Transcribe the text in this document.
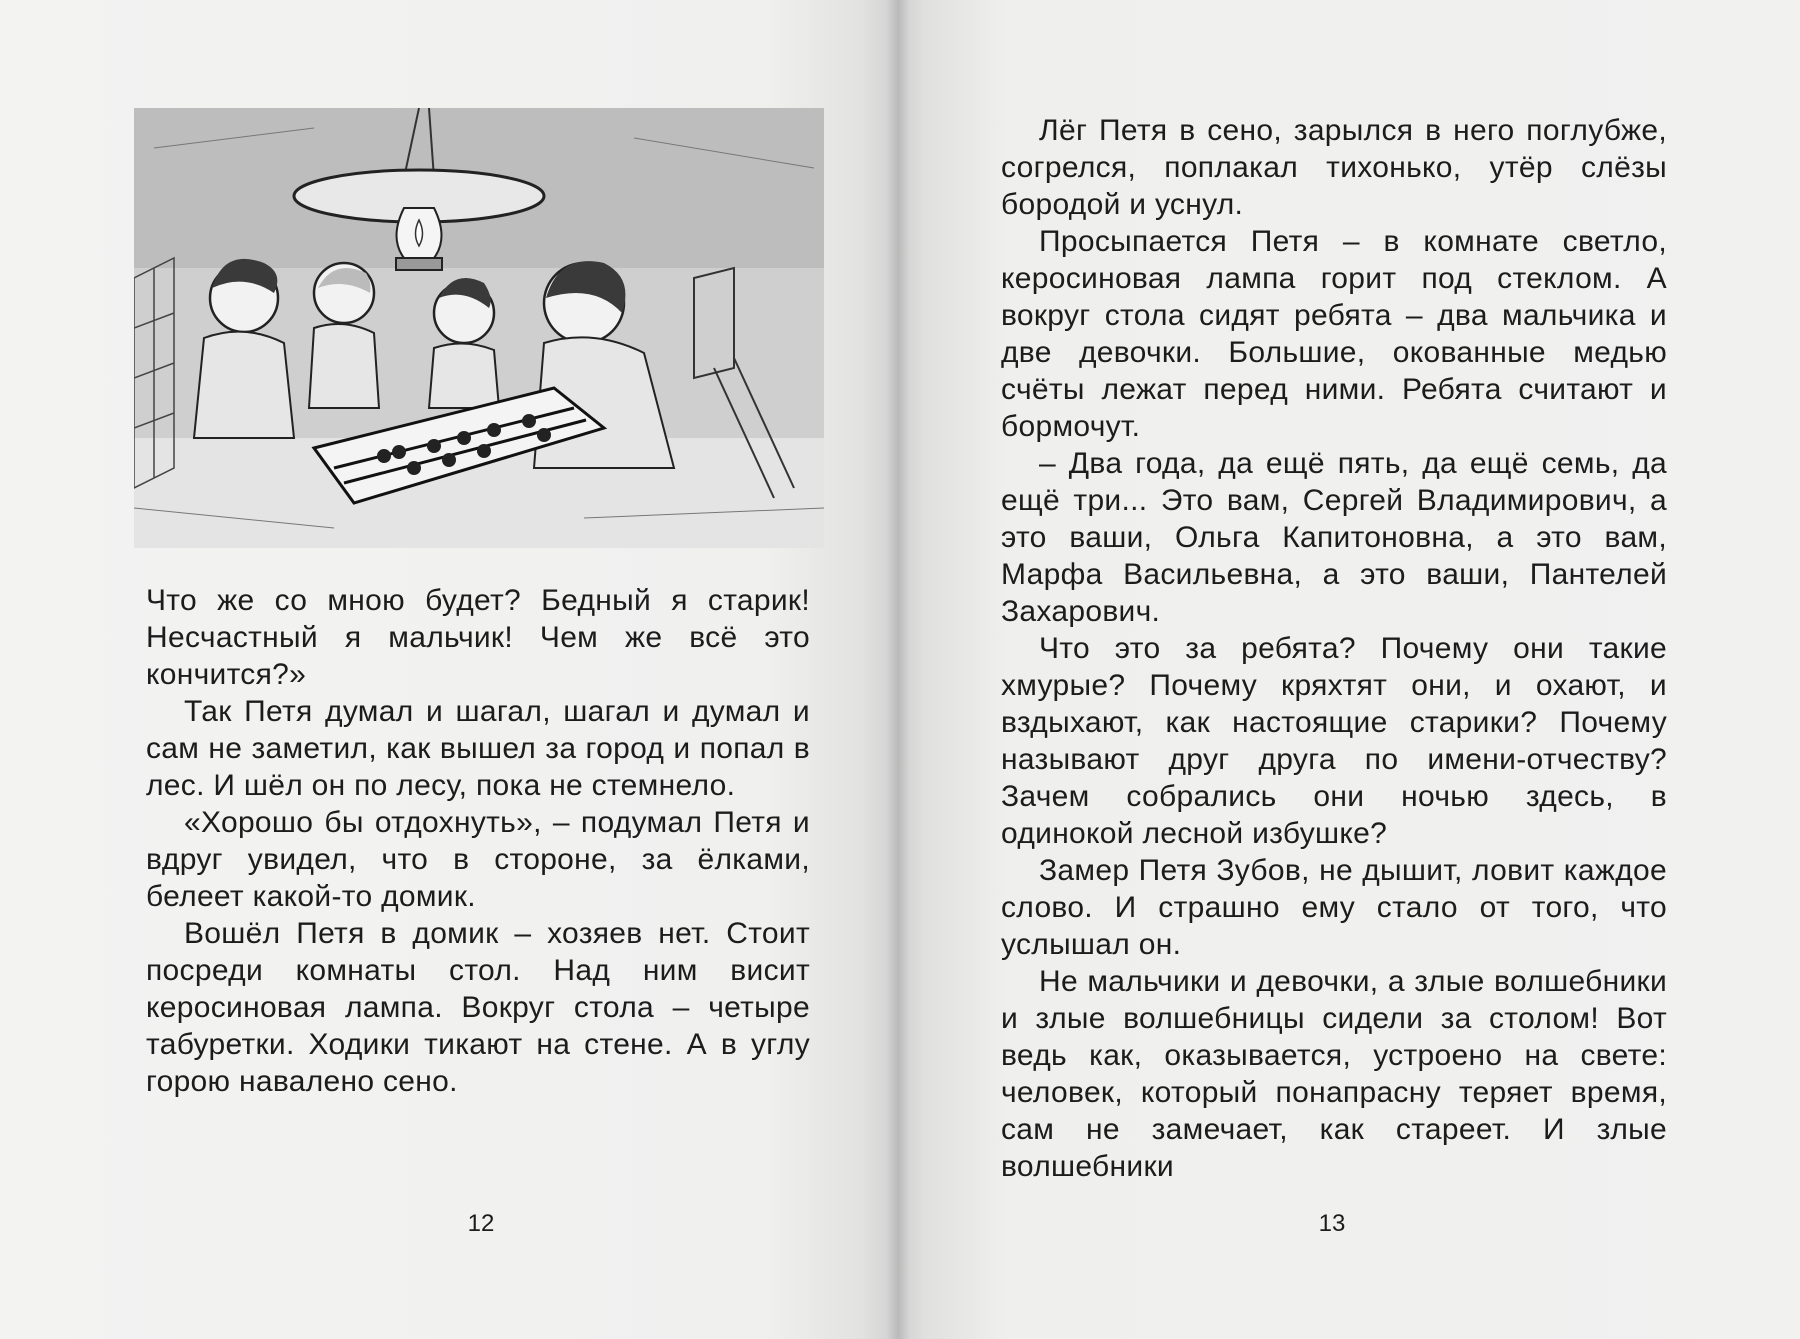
Что же со мною будет? Бедный я старик! Несчастный я мальчик! Чем же всё это кончится?»

Так Петя думал и шагал, шагал и думал и сам не заметил, как вышел за город и попал в лес. И шёл он по лесу, пока не стемнело.

«Хорошо бы отдохнуть», – подумал Петя и вдруг увидел, что в стороне, за ёлками, белеет какой-то домик.

Вошёл Петя в домик – хозяев нет. Стоит посреди комнаты стол. Над ним висит керосиновая лампа. Вокруг стола – четыре табуретки. Ходики тикают на стене. А в углу горою навалено сено.

12

Лёг Петя в сено, зарылся в него поглубже, согрелся, поплакал тихонько, утёр слёзы бородой и уснул.

Просыпается Петя – в комнате светло, керосиновая лампа горит под стеклом. А вокруг стола сидят ребята – два мальчика и две девочки. Большие, окованные медью счёты лежат перед ними. Ребята считают и бормочут.

– Два года, да ещё пять, да ещё семь, да ещё три... Это вам, Сергей Владимирович, а это ваши, Ольга Капитоновна, а это вам, Марфа Васильевна, а это ваши, Пантелей Захарович.

Что это за ребята? Почему они такие хмурые? Почему кряхтят они, и охают, и вздыхают, как настоящие старики? Почему называют друг друга по имени-отчеству? Зачем собрались они ночью здесь, в одинокой лесной избушке?

Замер Петя Зубов, не дышит, ловит каждое слово. И страшно ему стало от того, что услышал он.

Не мальчики и девочки, а злые волшебники и злые волшебницы сидели за столом! Вот ведь как, оказывается, устроено на свете: человек, который понапрасну теряет время, сам не замечает, как стареет. И злые волшебники

13
